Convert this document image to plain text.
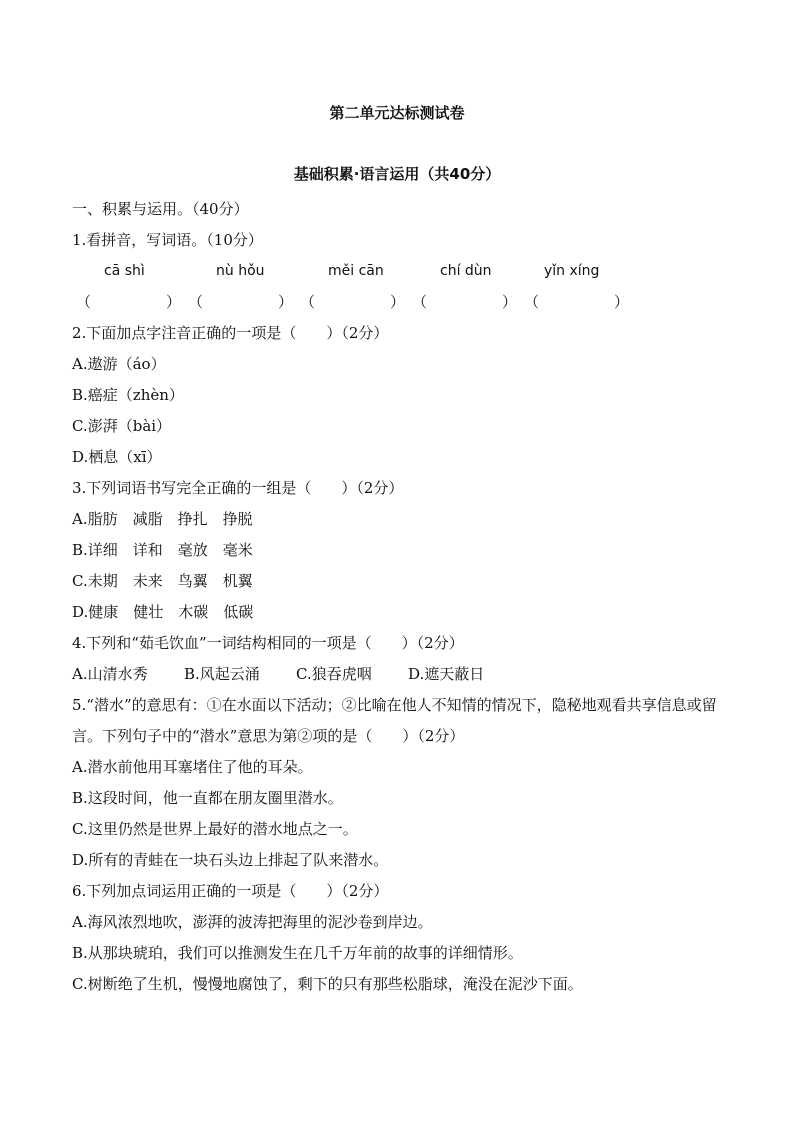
第二单元达标测试卷
基础积累·语言运用（共40分）
一、积累与运用。（40分）
1.看拼音，写词语。（10分）
cā shì	nù hǒu	měi cān	chí dùn	yǐn xíng
（　　　　　） （　　　　　） （　　　　　） （　　　　　） （　　　　　）
2.下面加点字注音正确的一项是（　　）（2分）
A.遨游（áo）
B.癌症（zhèn）
C.澎湃（bài）
D.栖息（xī）
3.下列词语书写完全正确的一组是（　　）（2分）
A.脂肪　减脂　挣扎　挣脱
B.详细　详和　毫放　毫米
C.未期　未来　鸟翼　机翼
D.健康　健壮　木碳　低碳
4.下列和“茹毛饮血”一词结构相同的一项是（　　）（2分）
A.山清水秀 B.风起云涌 C.狼吞虎咽 D.遮天蔽日
5.“潜水”的意思有：①在水面以下活动；②比喻在他人不知情的情况下，隐秘地观看共享信息或留言。下列句子中的“潜水”意思为第②项的是（　　）（2分）
A.潜水前他用耳塞堵住了他的耳朵。
B.这段时间，他一直都在朋友圈里潜水。
C.这里仍然是世界上最好的潜水地点之一。
D.所有的青蛙在一块石头边上排起了队来潜水。
6.下列加点词运用正确的一项是（　　）（2分）
A.海风浓烈地吹，澎湃的波涛把海里的泥沙卷到岸边。
B.从那块琥珀，我们可以推测发生在几千万年前的故事的详细情形。
C.树断绝了生机，慢慢地腐蚀了，剩下的只有那些松脂球，淹没在泥沙下面。
